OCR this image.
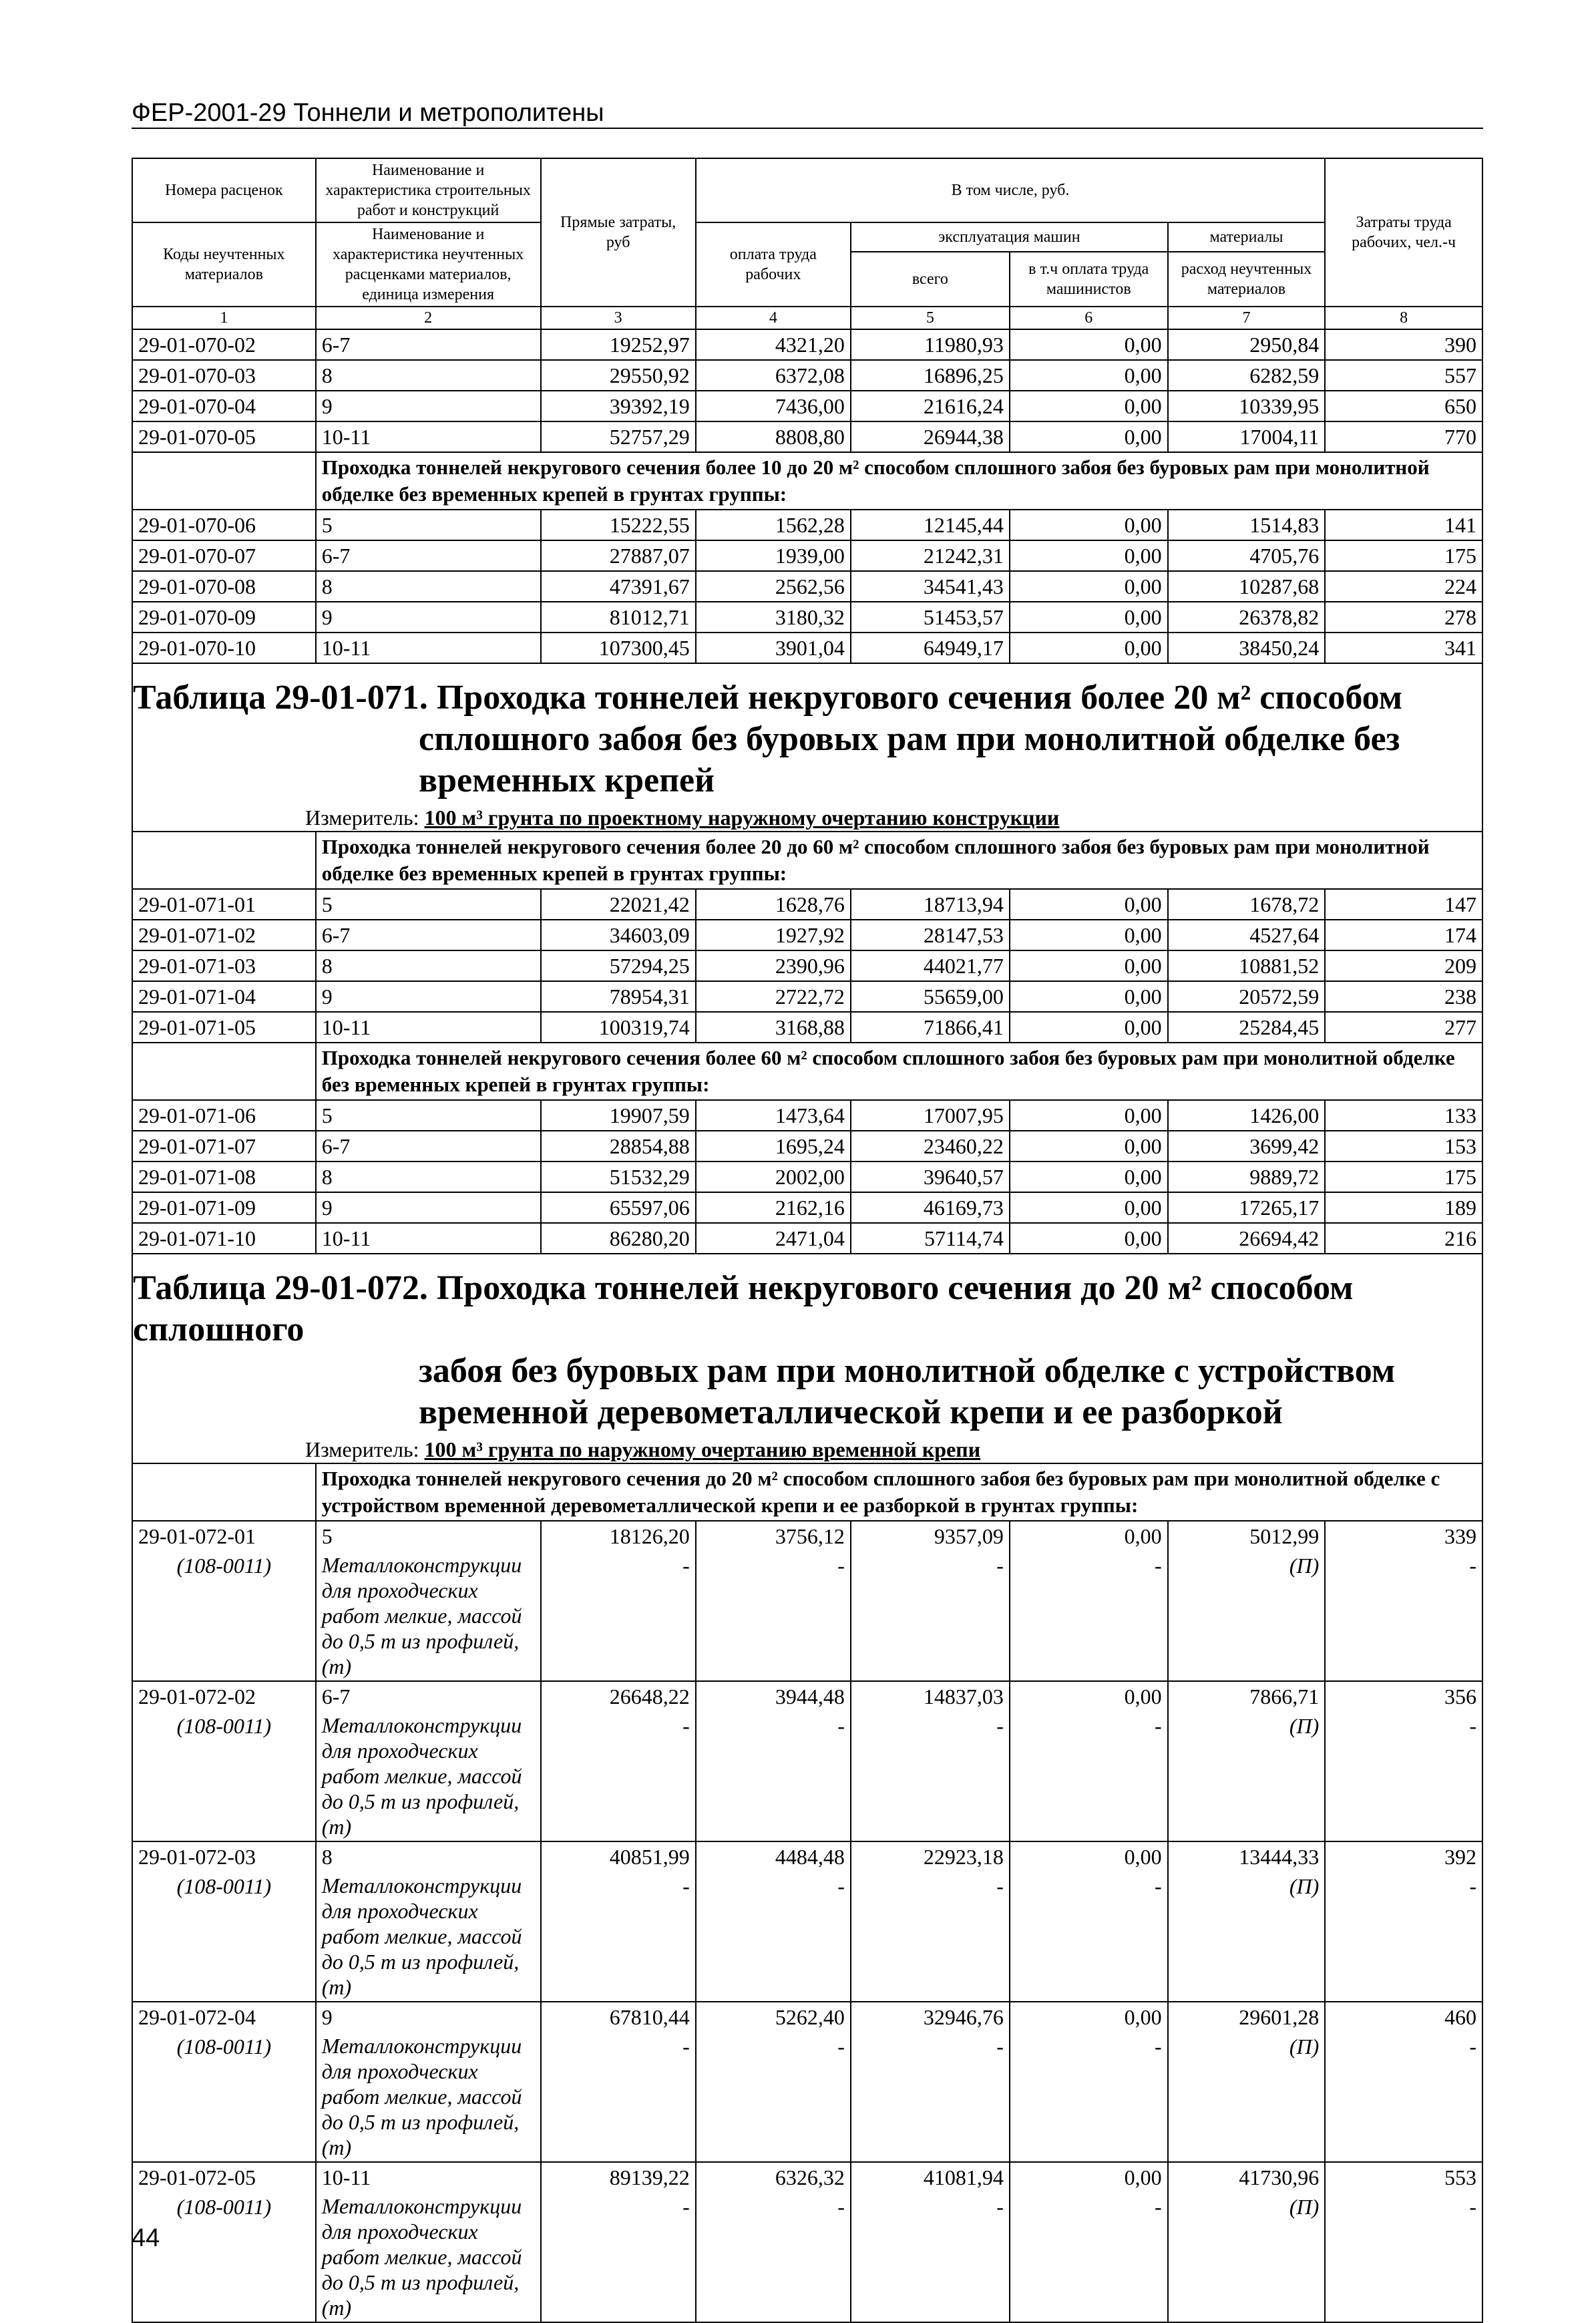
ФЕР-2001-29 Тоннели и метрополитены
Номера расценок	Наименование и характеристика строительных работ и конструкций	Прямые затраты, руб	В том числе, руб.				Затраты труда рабочих, чел.-ч
Коды неучтенных материалов	Наименование и характеристика неучтенных расценками материалов, единица измерения		оплата труда рабочих	эксплуатация машин		материалы	
				всего	в т.ч оплата труда машинистов	расход неучтенных материалов	
1	2	3	4	5	6	7	8
29-01-070-02	6-7	19252,97	4321,20	11980,93	0,00	2950,84	390
29-01-070-03	8	29550,92	6372,08	16896,25	0,00	6282,59	557
29-01-070-04	9	39392,19	7436,00	21616,24	0,00	10339,95	650
29-01-070-05	10-11	52757,29	8808,80	26944,38	0,00	17004,11	770
	Проходка тоннелей некругового сечения более 10 до 20 м² способом сплошного забоя без буровых рам при монолитной обделке без временных крепей в грунтах группы:						
29-01-070-06	5	15222,55	1562,28	12145,44	0,00	1514,83	141
29-01-070-07	6-7	27887,07	1939,00	21242,31	0,00	4705,76	175
29-01-070-08	8	47391,67	2562,56	34541,43	0,00	10287,68	224
29-01-070-09	9	81012,71	3180,32	51453,57	0,00	26378,82	278
29-01-070-10	10-11	107300,45	3901,04	64949,17	0,00	38450,24	341

Таблица 29-01-071. Проходка тоннелей некругового сечения более 20 м² способом
сплошного забоя без буровых рам при монолитной обделке без
временных крепей
Измеритель: 100 м³ грунта по проектному наружному очертанию конструкции							

	Проходка тоннелей некругового сечения более 20 до 60 м² способом сплошного забоя без буровых рам при монолитной обделке без временных крепей в грунтах группы:						
29-01-071-01	5	22021,42	1628,76	18713,94	0,00	1678,72	147
29-01-071-02	6-7	34603,09	1927,92	28147,53	0,00	4527,64	174
29-01-071-03	8	57294,25	2390,96	44021,77	0,00	10881,52	209
29-01-071-04	9	78954,31	2722,72	55659,00	0,00	20572,59	238
29-01-071-05	10-11	100319,74	3168,88	71866,41	0,00	25284,45	277
	Проходка тоннелей некругового сечения более 60 м² способом сплошного забоя без буровых рам при монолитной обделке без временных крепей в грунтах группы:						
29-01-071-06	5	19907,59	1473,64	17007,95	0,00	1426,00	133
29-01-071-07	6-7	28854,88	1695,24	23460,22	0,00	3699,42	153
29-01-071-08	8	51532,29	2002,00	39640,57	0,00	9889,72	175
29-01-071-09	9	65597,06	2162,16	46169,73	0,00	17265,17	189
29-01-071-10	10-11	86280,20	2471,04	57114,74	0,00	26694,42	216

Таблица 29-01-072. Проходка тоннелей некругового сечения до 20 м² способом сплошного
забоя без буровых рам при монолитной обделке с устройством
временной деревометаллической крепи и ее разборкой
Измеритель: 100 м³ грунта по наружному очертанию временной крепи							

	Проходка тоннелей некругового сечения до 20 м² способом сплошного забоя без буровых рам при монолитной обделке с устройством временной деревометаллической крепи и ее разборкой в грунтах группы:						
29-01-072-01	5	18126,20	3756,12	9357,09	0,00	5012,99	339
(108-0011)	Металлоконструкции для проходческих работ мелкие, массой до 0,5 т из профилей, (т)	-	-	-	-	(П)	-
29-01-072-02	6-7	26648,22	3944,48	14837,03	0,00	7866,71	356
(108-0011)	Металлоконструкции для проходческих работ мелкие, массой до 0,5 т из профилей, (т)	-	-	-	-	(П)	-
29-01-072-03	8	40851,99	4484,48	22923,18	0,00	13444,33	392
(108-0011)	Металлоконструкции для проходческих работ мелкие, массой до 0,5 т из профилей, (т)	-	-	-	-	(П)	-
29-01-072-04	9	67810,44	5262,40	32946,76	0,00	29601,28	460
(108-0011)	Металлоконструкции для проходческих работ мелкие, массой до 0,5 т из профилей, (т)	-	-	-	-	(П)	-
29-01-072-05	10-11	89139,22	6326,32	41081,94	0,00	41730,96	553
(108-0011)	Металлоконструкции для проходческих работ мелкие, массой до 0,5 т из профилей, (т)	-	-	-	-	(П)	-
44
